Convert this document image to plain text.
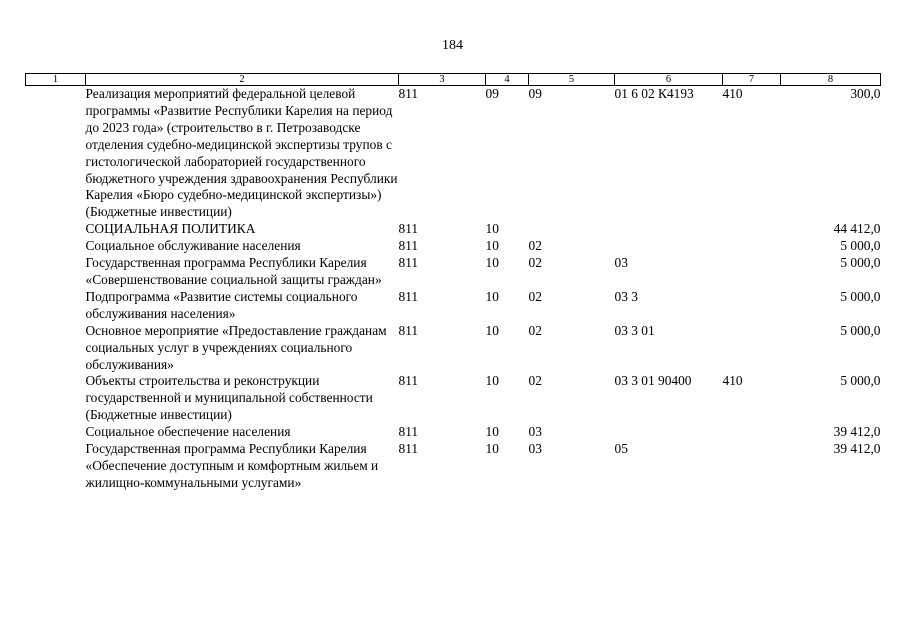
184
1	2	3	4	5	6	7	8
	Реализация мероприятий федеральной целевой программы «Развитие Республики Карелия на период до 2023 года» (строительство в г. Петрозаводске отделения судебно-медицинской экспертизы трупов с гистологической лабораторией государственного бюджетного учреждения здравоохранения Республики Карелия «Бюро судебно-медицинской экспертизы») (Бюджетные инвестиции)	811	09	09	01 6 02 К4193	410	300,0
	СОЦИАЛЬНАЯ ПОЛИТИКА	811	10				44 412,0
	Социальное обслуживание населения	811	10	02			5 000,0
	Государственная программа Республики Карелия «Совершенствование социальной защиты граждан»	811	10	02	03		5 000,0
	Подпрограмма «Развитие системы социального обслуживания населения»	811	10	02	03 3		5 000,0
	Основное мероприятие «Предоставление гражданам социальных услуг в учреждениях социального обслуживания»	811	10	02	03 3 01		5 000,0
	Объекты строительства и реконструкции государственной и муниципальной собственности (Бюджетные инвестиции)	811	10	02	03 3 01 90400	410	5 000,0
	Социальное обеспечение населения	811	10	03			39 412,0
	Государственная программа Республики Карелия «Обеспечение доступным и комфортным жильем и жилищно-коммунальными услугами»	811	10	03	05		39 412,0
